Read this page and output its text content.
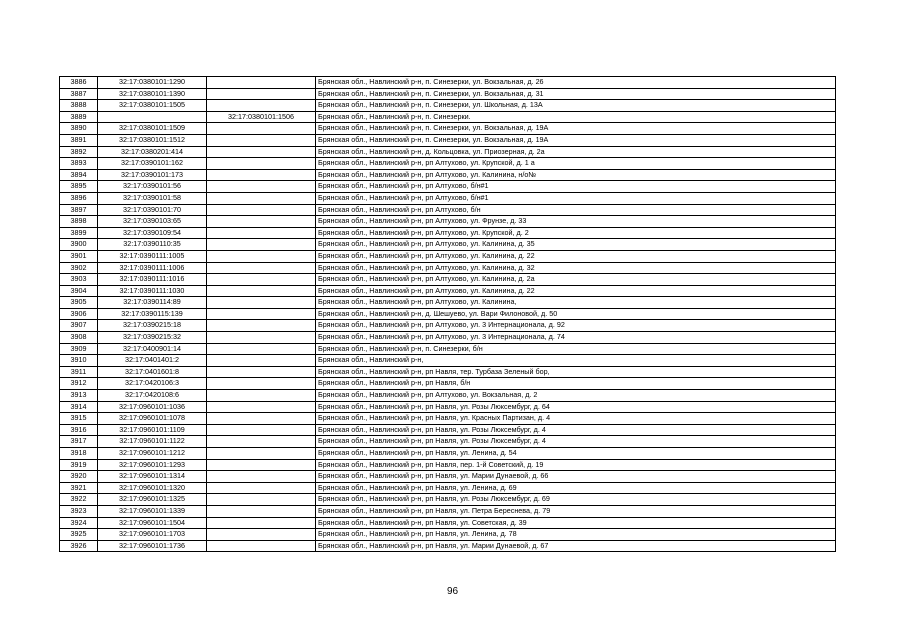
3886	32:17:0380101:1290		Брянская обл., Навлинский р-н, п. Синезерки, ул. Вокзальная, д. 26
3887	32:17:0380101:1390		Брянская обл., Навлинский р-н, п. Синезерки, ул. Вокзальная, д. 31
3888	32:17:0380101:1505		Брянская обл., Навлинский р-н, п. Синезерки, ул. Школьная, д. 13А
3889		32:17:0380101:1506	Брянская обл., Навлинский р-н, п. Синезерки.
3890	32:17:0380101:1509		Брянская обл., Навлинский р-н, п. Синезерки, ул. Вокзальная, д. 19А
3891	32:17:0380101:1512		Брянская обл., Навлинский р-н, п. Синезерки, ул. Вокзальная, д. 19А
3892	32:17:0380201:414		Брянская обл., Навлинский р-н, д. Кольцовка, ул. Приозерная, д. 2а
3893	32:17:0390101:162		Брянская обл., Навлинский р-н, рп Алтухово, ул. Крупской, д. 1 а
3894	32:17:0390101:173		Брянская обл., Навлинский р-н, рп Алтухово, ул. Калинина, н/о№
3895	32:17:0390101:56		Брянская обл., Навлинский р-н, рп Алтухово, б/н#1
3896	32:17:0390101:58		Брянская обл., Навлинский р-н, рп Алтухово, б/н#1
3897	32:17:0390101:70		Брянская обл., Навлинский р-н, рп Алтухово, б/н
3898	32:17:0390103:65		Брянская обл., Навлинский р-н, рп Алтухово, ул. Фрунзе, д. 33
3899	32:17:0390109:54		Брянская обл., Навлинский р-н, рп Алтухово, ул. Крупской, д. 2
3900	32:17:0390110:35		Брянская обл., Навлинский р-н, рп Алтухово, ул. Калинина, д. 35
3901	32:17:0390111:1005		Брянская обл., Навлинский р-н, рп Алтухово, ул. Калинина, д. 22
3902	32:17:0390111:1006		Брянская обл., Навлинский р-н, рп Алтухово, ул. Калинина, д. 32
3903	32:17:0390111:1016		Брянская обл., Навлинский р-н, рп Алтухово, ул. Калинина, д. 2а
3904	32:17:0390111:1030		Брянская обл., Навлинский р-н, рп Алтухово, ул. Калинина, д. 22
3905	32:17:0390114:89		Брянская обл., Навлинский р-н, рп Алтухово, ул. Калинина,
3906	32:17:0390115:139		Брянская обл., Навлинский р-н, д. Шешуево, ул. Вари Филоновой, д. 50
3907	32:17:0390215:18		Брянская обл., Навлинский р-н, рп Алтухово, ул. 3 Интернационала, д. 92
3908	32:17:0390215:32		Брянская обл., Навлинский р-н, рп Алтухово, ул. 3 Интернационала, д. 74
3909	32:17:0400901:14		Брянская обл., Навлинский р-н, п. Синезерки, б/н
3910	32:17:0401401:2		Брянская обл., Навлинский р-н,
3911	32:17:0401601:8		Брянская обл., Навлинский р-н, рп Навля, тер. Турбаза Зеленый бор,
3912	32:17:0420106:3		Брянская обл., Навлинский р-н, рп Навля, б/н
3913	32:17:0420108:6		Брянская обл., Навлинский р-н, рп Алтухово, ул. Вокзальная, д. 2
3914	32:17:0960101:1036		Брянская обл., Навлинский р-н, рп Навля, ул. Розы Люксембург, д. 64
3915	32:17:0960101:1078		Брянская обл., Навлинский р-н, рп Навля, ул. Красных Партизан, д. 4
3916	32:17:0960101:1109		Брянская обл., Навлинский р-н, рп Навля, ул. Розы Люксембург, д. 4
3917	32:17:0960101:1122		Брянская обл., Навлинский р-н, рп Навля, ул. Розы Люксембург, д. 4
3918	32:17:0960101:1212		Брянская обл., Навлинский р-н, рп Навля, ул. Ленина, д. 54
3919	32:17:0960101:1293		Брянская обл., Навлинский р-н, рп Навля, пер. 1-й Советский, д. 19
3920	32:17:0960101:1314		Брянская обл., Навлинский р-н, рп Навля, ул. Марии Дунаевой, д. 66
3921	32:17:0960101:1320		Брянская обл., Навлинский р-н, рп Навля, ул. Ленина, д. 69
3922	32:17:0960101:1325		Брянская обл., Навлинский р-н, рп Навля, ул. Розы Люксембург, д. 69
3923	32:17:0960101:1339		Брянская обл., Навлинский р-н, рп Навля, ул. Петра Береснева, д. 79
3924	32:17:0960101:1504		Брянская обл., Навлинский р-н, рп Навля, ул. Советская, д. 39
3925	32:17:0960101:1703		Брянская обл., Навлинский р-н, рп Навля, ул. Ленина, д. 78
3926	32:17:0960101:1736		Брянская обл., Навлинский р-н, рп Навля, ул. Марии Дунаевой, д. 67
96
